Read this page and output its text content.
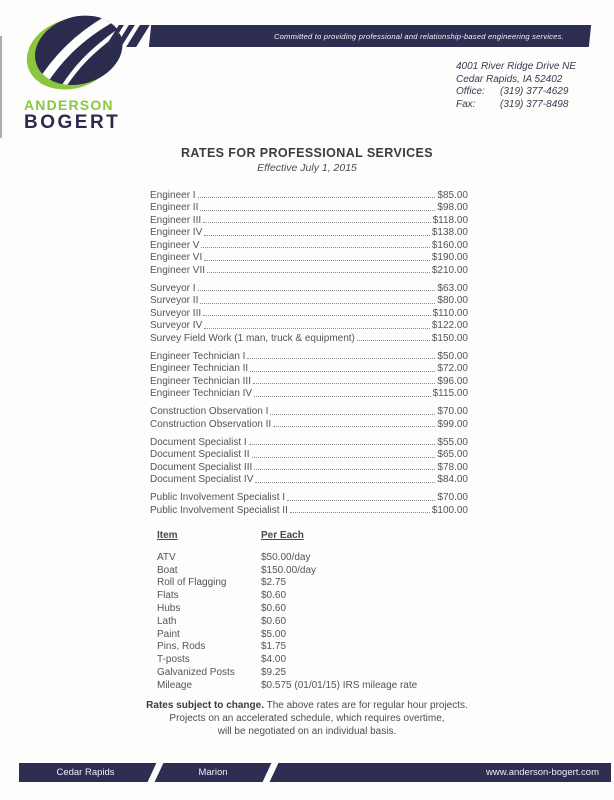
ANDERSON
BOGERT
Committed to providing professional and relationship-based engineering services.
4001 River Ridge Drive NE
Cedar Rapids, IA 52402
Office:	(319) 377-4629
Fax:	(319) 377-8498
RATES FOR PROFESSIONAL SERVICES
Effective July 1, 2015
Engineer I	$85.00
Engineer II	$98.00
Engineer III	$118.00
Engineer IV	$138.00
Engineer V	$160.00
Engineer VI	$190.00
Engineer VII	$210.00
Surveyor I	$63.00
Surveyor II	$80.00
Surveyor III	$110.00
Surveyor IV	$122.00
Survey Field Work (1 man, truck & equipment)	$150.00
Engineer Technician I	$50.00
Engineer Technician II	$72.00
Engineer Technician III	$96.00
Engineer Technician IV	$115.00
Construction Observation I	$70.00
Construction Observation II	$99.00
Document Specialist I	$55.00
Document Specialist II	$65.00
Document Specialist III	$78.00
Document Specialist IV	$84.00
Public Involvement Specialist I	$70.00
Public Involvement Specialist II	$100.00
Item	Per Each
ATV	$50.00/day
Boat	$150.00/day
Roll of Flagging	$2.75
Flats	$0.60
Hubs	$0.60
Lath	$0.60
Paint	$5.00
Pins, Rods	$1.75
T-posts	$4.00
Galvanized Posts	$9.25
Mileage	$0.575 (01/01/15) IRS mileage rate
Rates subject to change. The above rates are for regular hour projects.
Projects on an accelerated schedule, which requires overtime,
will be negotiated on an individual basis.
Cedar Rapids	Marion	www.anderson-bogert.com
